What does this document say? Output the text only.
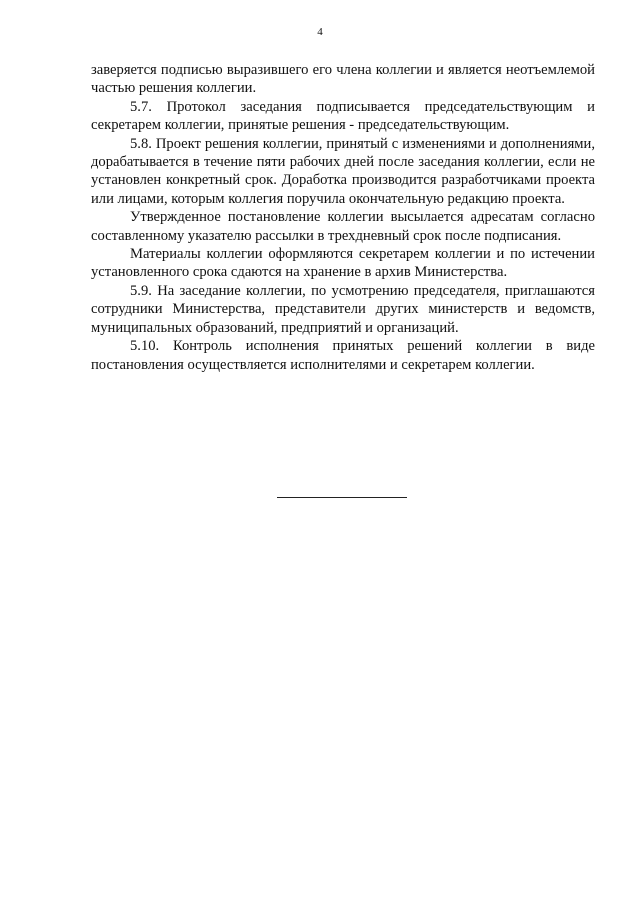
4

заверяется подписью выразившего его члена коллегии и является неотъемлемой частью решения коллегии.

5.7. Протокол заседания подписывается председательствующим и секретарем коллегии, принятые решения - председательствующим.

5.8. Проект решения коллегии, принятый с изменениями и дополнениями, дорабатывается в течение пяти рабочих дней после заседания коллегии, если не установлен конкретный срок. Доработка производится разработчиками проекта или лицами, которым коллегия поручила окончательную редакцию проекта.

Утвержденное постановление коллегии высылается адресатам согласно составленному указателю рассылки в трехдневный срок после подписания.

Материалы коллегии оформляются секретарем коллегии и по истечении установленного срока сдаются на хранение в архив Министерства.

5.9. На заседание коллегии, по усмотрению председателя, приглашаются сотрудники Министерства, представители других министерств и ведомств, муниципальных образований, предприятий и организаций.

5.10. Контроль исполнения принятых решений коллегии в виде постановления осуществляется исполнителями и секретарем коллегии.
